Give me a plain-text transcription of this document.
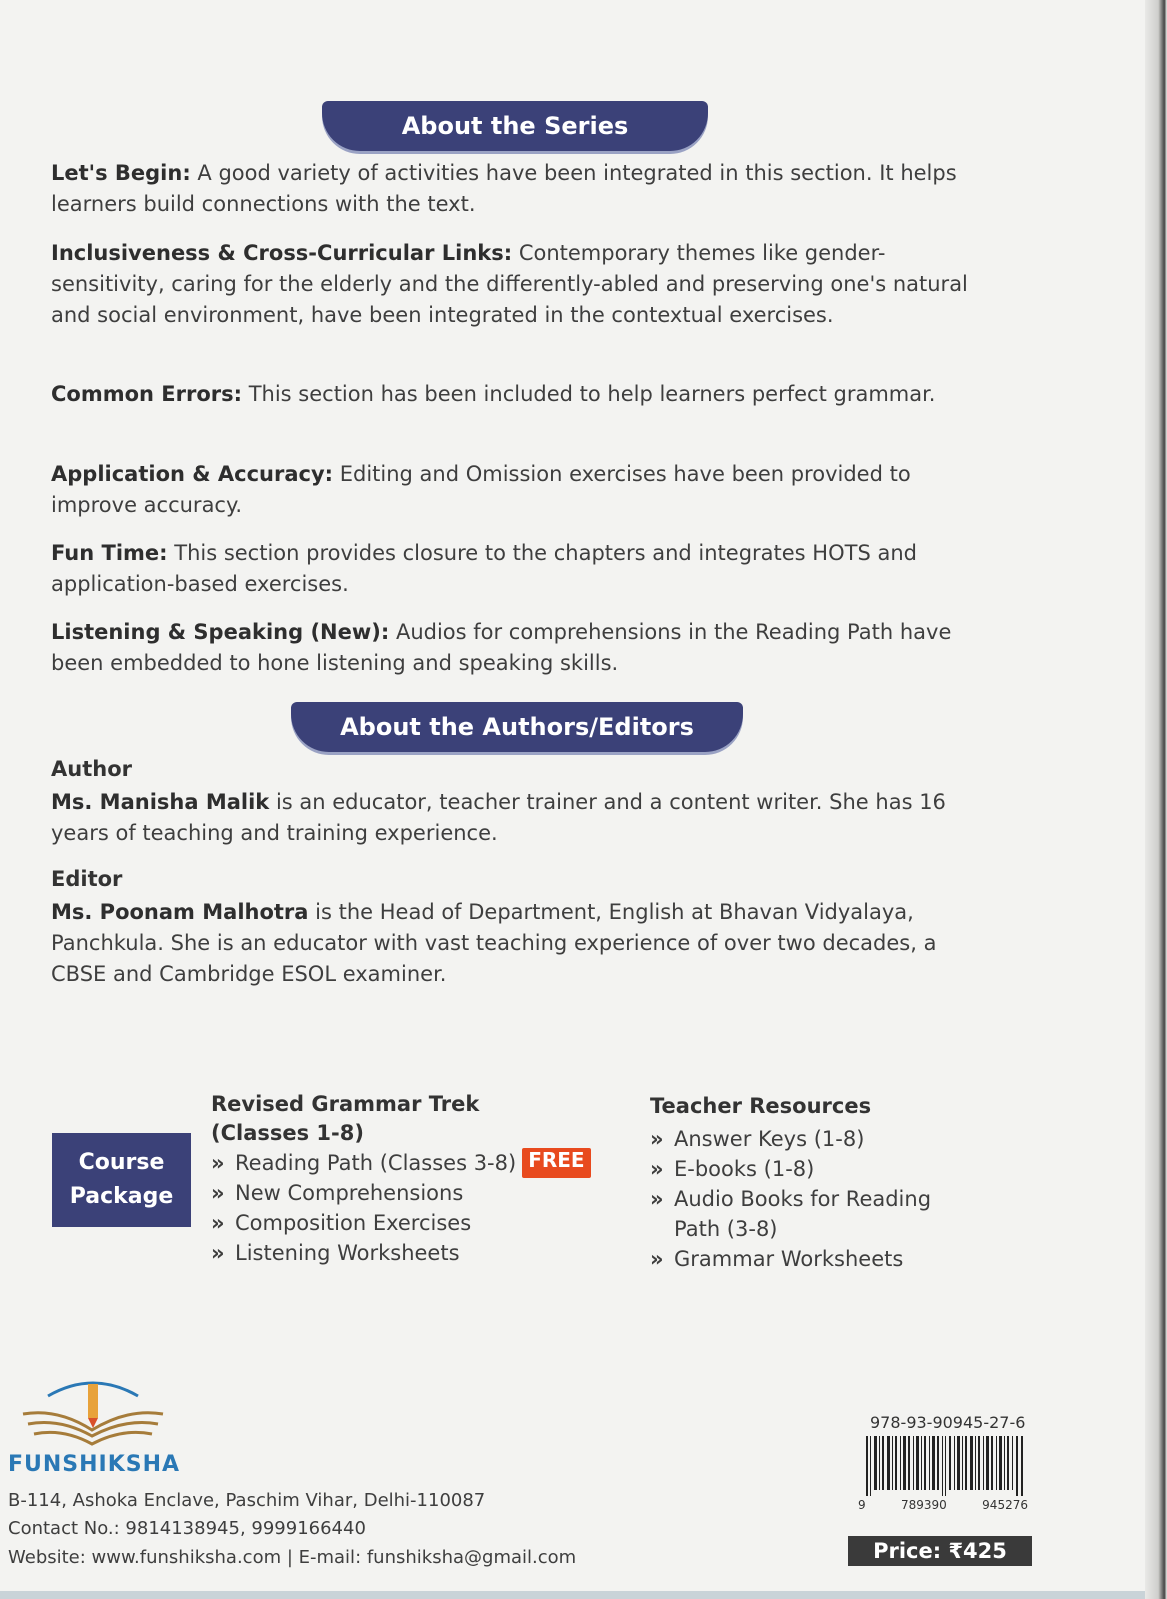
About the Series
Let's Begin: A good variety of activities have been integrated in this section. It helps learners build connections with the text.
Inclusiveness & Cross-Curricular Links: Contemporary themes like gender-sensitivity, caring for the elderly and the differently-abled and preserving one's natural and social environment, have been integrated in the contextual exercises.
Common Errors: This section has been included to help learners perfect grammar.
Application & Accuracy: Editing and Omission exercises have been provided to improve accuracy.
Fun Time: This section provides closure to the chapters and integrates HOTS and application-based exercises.
Listening & Speaking (New): Audios for comprehensions in the Reading Path have been embedded to hone listening and speaking skills.
About the Authors/Editors
Author
Ms. Manisha Malik is an educator, teacher trainer and a content writer. She has 16 years of teaching and training experience.
Editor
Ms. Poonam Malhotra is the Head of Department, English at Bhavan Vidyalaya, Panchkula. She is an educator with vast teaching experience of over two decades, a CBSE and Cambridge ESOL examiner.
Course
Package
Revised Grammar Trek
(Classes 1-8)
» Reading Path (Classes 3-8) FREE
» New Comprehensions
» Composition Exercises
» Listening Worksheets
Teacher Resources
» Answer Keys (1-8)
» E-books (1-8)
» Audio Books for Reading
Path (3-8)
» Grammar Worksheets
FUNSHIKSHA
B-114, Ashoka Enclave, Paschim Vihar, Delhi-110087
Contact No.: 9814138945, 9999166440
Website: www.funshiksha.com | E-mail: funshiksha@gmail.com
978-93-90945-27-6
9	789390	945276
Price: ₹425
